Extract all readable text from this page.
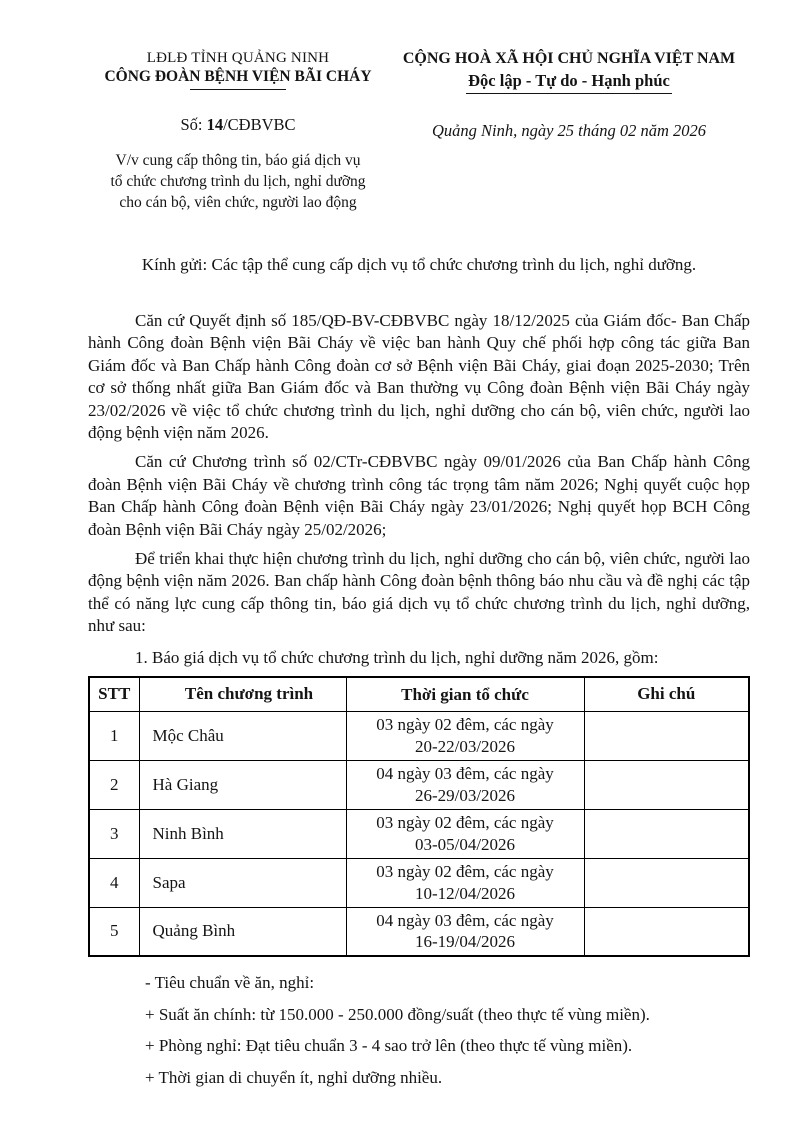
LĐLĐ TỈNH QUẢNG NINH
CÔNG ĐOÀN BỆNH VIỆN BÃI CHÁY
Số: 14/CĐBVBC
V/v cung cấp thông tin, báo giá dịch vụ
tổ chức chương trình du lịch, nghỉ dưỡng
cho cán bộ, viên chức, người lao động
CỘNG HOÀ XÃ HỘI CHỦ NGHĨA VIỆT NAM
Độc lập - Tự do - Hạnh phúc
Quảng Ninh, ngày 25 tháng 02 năm 2026
Kính gửi: Các tập thể cung cấp dịch vụ tổ chức chương trình du lịch, nghỉ dưỡng.
Căn cứ Quyết định số 185/QĐ-BV-CĐBVBC ngày 18/12/2025 của Giám đốc- Ban Chấp hành Công đoàn Bệnh viện Bãi Cháy về việc ban hành Quy chế phối hợp công tác giữa Ban Giám đốc và Ban Chấp hành Công đoàn cơ sở Bệnh viện Bãi Cháy, giai đoạn 2025-2030; Trên cơ sở thống nhất giữa Ban Giám đốc và Ban thường vụ Công đoàn Bệnh viện Bãi Cháy ngày 23/02/2026 về việc tổ chức chương trình du lịch, nghỉ dưỡng cho cán bộ, viên chức, người lao động bệnh viện năm 2026.
Căn cứ Chương trình số 02/CTr-CĐBVBC ngày 09/01/2026 của Ban Chấp hành Công đoàn Bệnh viện Bãi Cháy về chương trình công tác trọng tâm năm 2026; Nghị quyết cuộc họp Ban Chấp hành Công đoàn Bệnh viện Bãi Cháy ngày 23/01/2026; Nghị quyết họp BCH Công đoàn Bệnh viện Bãi Cháy ngày 25/02/2026;
Để triển khai thực hiện chương trình du lịch, nghỉ dưỡng cho cán bộ, viên chức, người lao động bệnh viện năm 2026. Ban chấp hành Công đoàn bệnh thông báo nhu cầu và đề nghị các tập thể có năng lực cung cấp thông tin, báo giá dịch vụ tổ chức chương trình du lịch, nghỉ dưỡng, như sau:
1. Báo giá dịch vụ tổ chức chương trình du lịch, nghỉ dưỡng năm 2026, gồm:
STT	Tên chương trình	Thời gian tổ chức	Ghi chú
1	Mộc Châu	03 ngày 02 đêm, các ngày
20-22/03/2026	

2	Hà Giang	04 ngày 03 đêm, các ngày
26-29/03/2026	

3	Ninh Bình	03 ngày 02 đêm, các ngày
03-05/04/2026	

4	Sapa	03 ngày 02 đêm, các ngày
10-12/04/2026	

5	Quảng Bình	04 ngày 03 đêm, các ngày
16-19/04/2026	

- Tiêu chuẩn về ăn, nghỉ:
+ Suất ăn chính: từ 150.000 - 250.000 đồng/suất (theo thực tế vùng miền).
+ Phòng nghỉ: Đạt tiêu chuẩn 3 - 4 sao trở lên (theo thực tế vùng miền).
+ Thời gian di chuyển ít, nghỉ dưỡng nhiều.
